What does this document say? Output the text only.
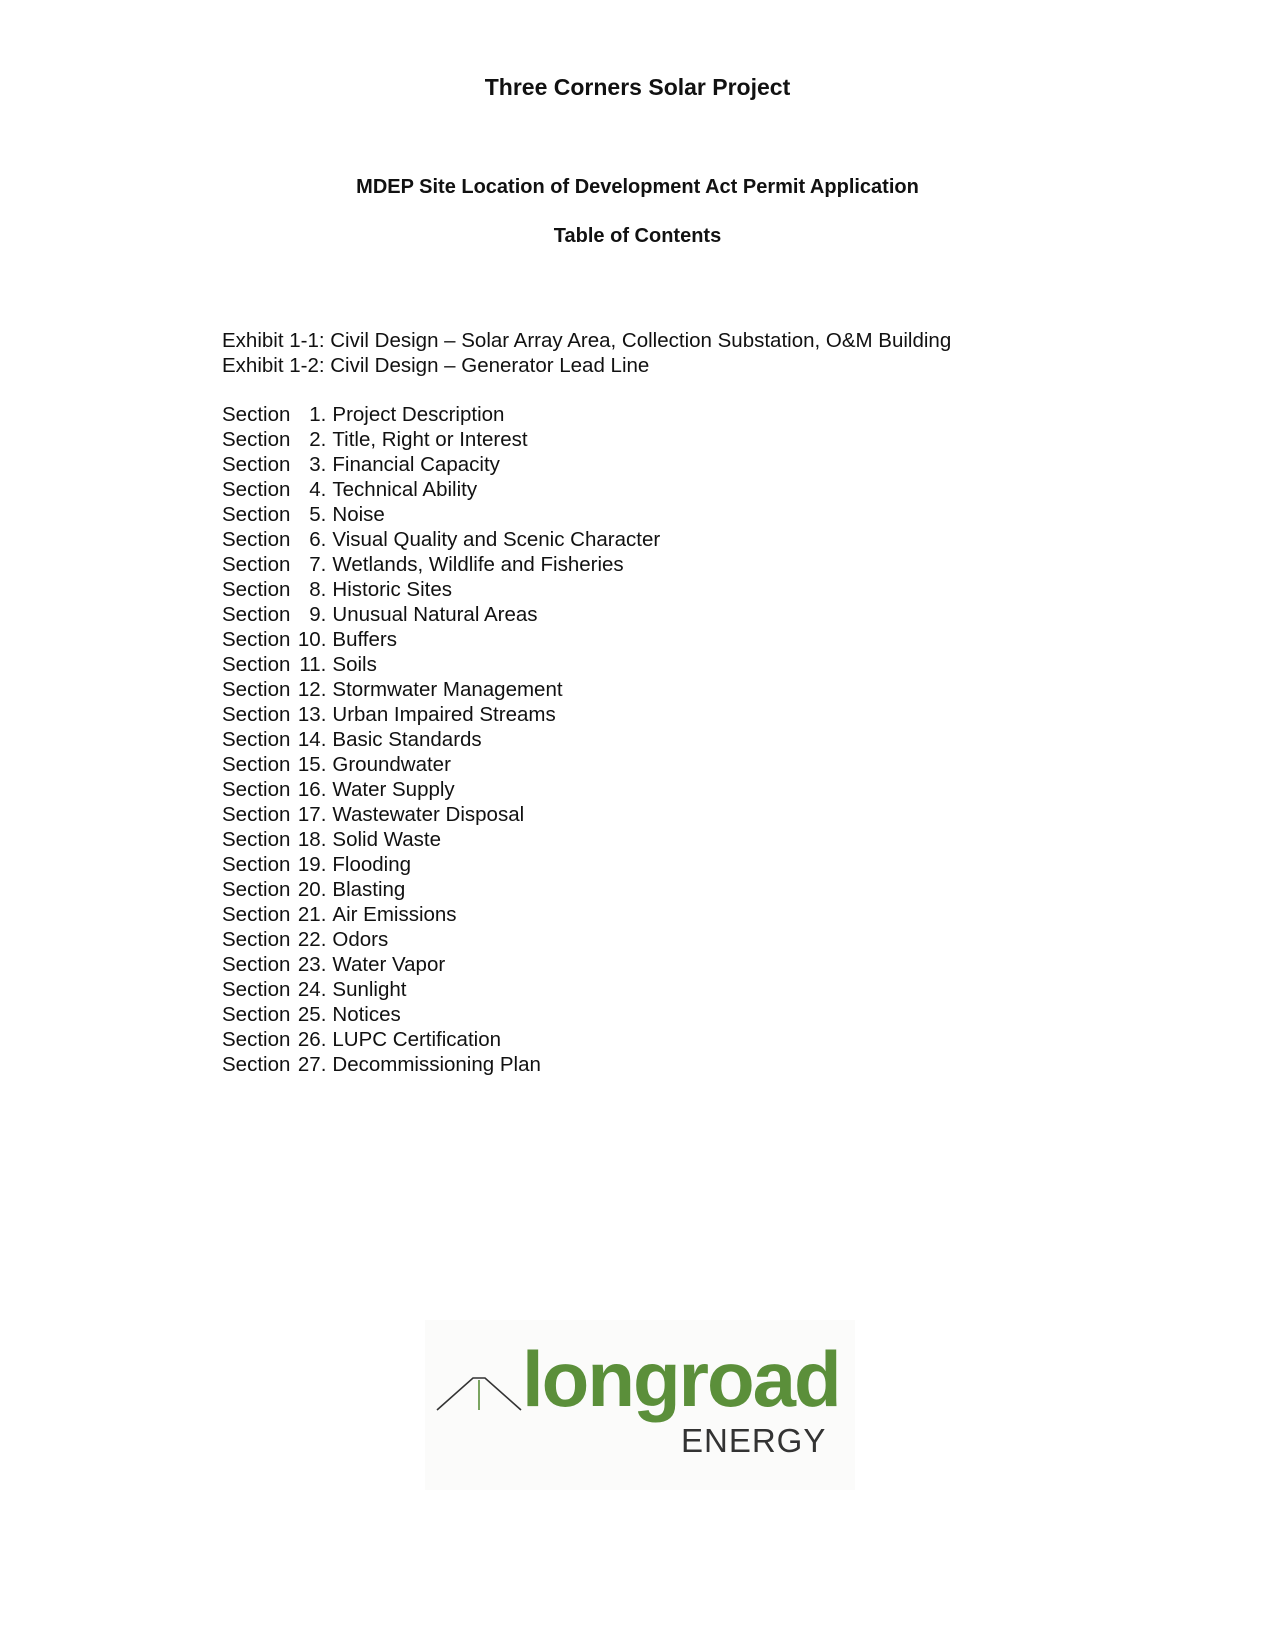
Three Corners Solar Project
MDEP Site Location of Development Act Permit Application
Table of Contents
Exhibit 1-1: Civil Design – Solar Array Area, Collection Substation, O&M Building
Exhibit 1-2: Civil Design – Generator Lead Line
Section 1. Project Description
Section 2. Title, Right or Interest
Section 3. Financial Capacity
Section 4. Technical Ability
Section 5. Noise
Section 6. Visual Quality and Scenic Character
Section 7. Wetlands, Wildlife and Fisheries
Section 8. Historic Sites
Section 9. Unusual Natural Areas
Section 10. Buffers
Section 11. Soils
Section 12. Stormwater Management
Section 13. Urban Impaired Streams
Section 14. Basic Standards
Section 15. Groundwater
Section 16. Water Supply
Section 17. Wastewater Disposal
Section 18. Solid Waste
Section 19. Flooding
Section 20. Blasting
Section 21. Air Emissions
Section 22. Odors
Section 23. Water Vapor
Section 24. Sunlight
Section 25. Notices
Section 26. LUPC Certification
Section 27. Decommissioning Plan
longroad
ENERGY
